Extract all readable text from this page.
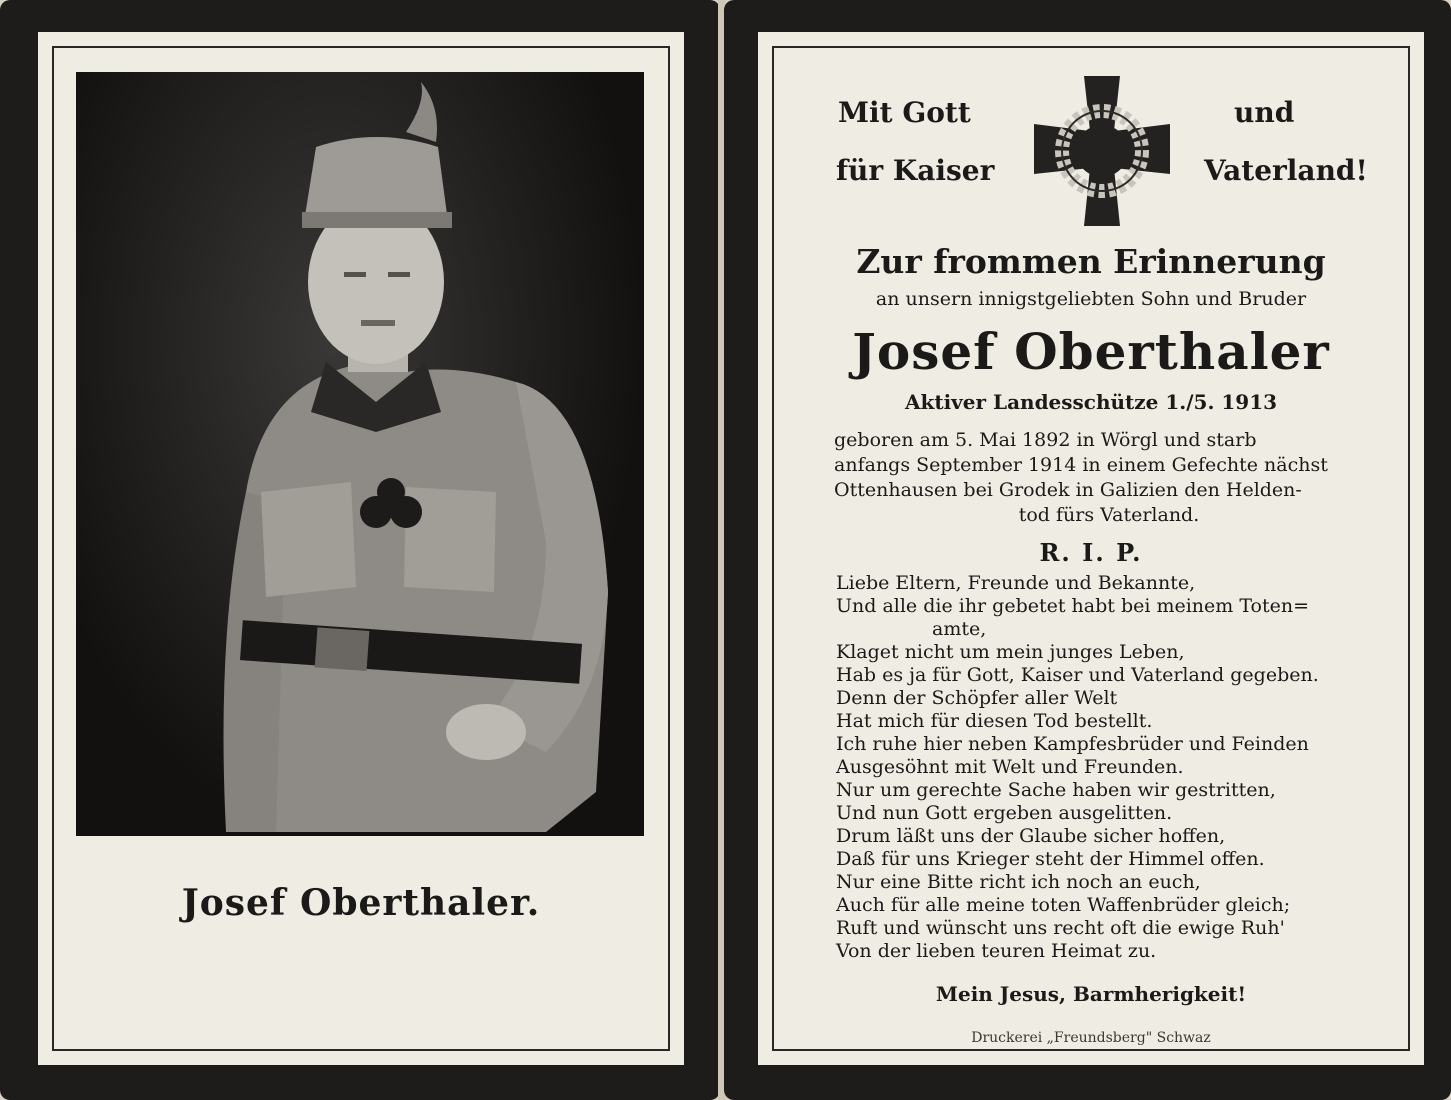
Josef Oberthaler.
Mit Gott	und
für Kaiser	Vaterland!
Zur frommen Erinnerung
an unsern innigstgeliebten Sohn und Bruder
Josef Oberthaler
Aktiver Landesschütze 1./5. 1913
geboren am 5. Mai 1892 in Wörgl und starb
anfangs September 1914 in einem Gefechte nächst
Ottenhausen bei Grodek in Galizien den Helden-
tod fürs Vaterland.
R. I. P.
Liebe Eltern, Freunde und Bekannte,
Und alle die ihr gebetet habt bei meinem Toten=
amte,
Klaget nicht um mein junges Leben,
Hab es ja für Gott, Kaiser und Vaterland gegeben.
Denn der Schöpfer aller Welt
Hat mich für diesen Tod bestellt.
Ich ruhe hier neben Kampfesbrüder und Feinden
Ausgesöhnt mit Welt und Freunden.
Nur um gerechte Sache haben wir gestritten,
Und nun Gott ergeben ausgelitten.
Drum läßt uns der Glaube sicher hoffen,
Daß für uns Krieger steht der Himmel offen.
Nur eine Bitte richt ich noch an euch,
Auch für alle meine toten Waffenbrüder gleich;
Ruft und wünscht uns recht oft die ewige Ruh'
Von der lieben teuren Heimat zu.
Mein Jesus, Barmherigkeit!
Druckerei „Freundsberg" Schwaz
